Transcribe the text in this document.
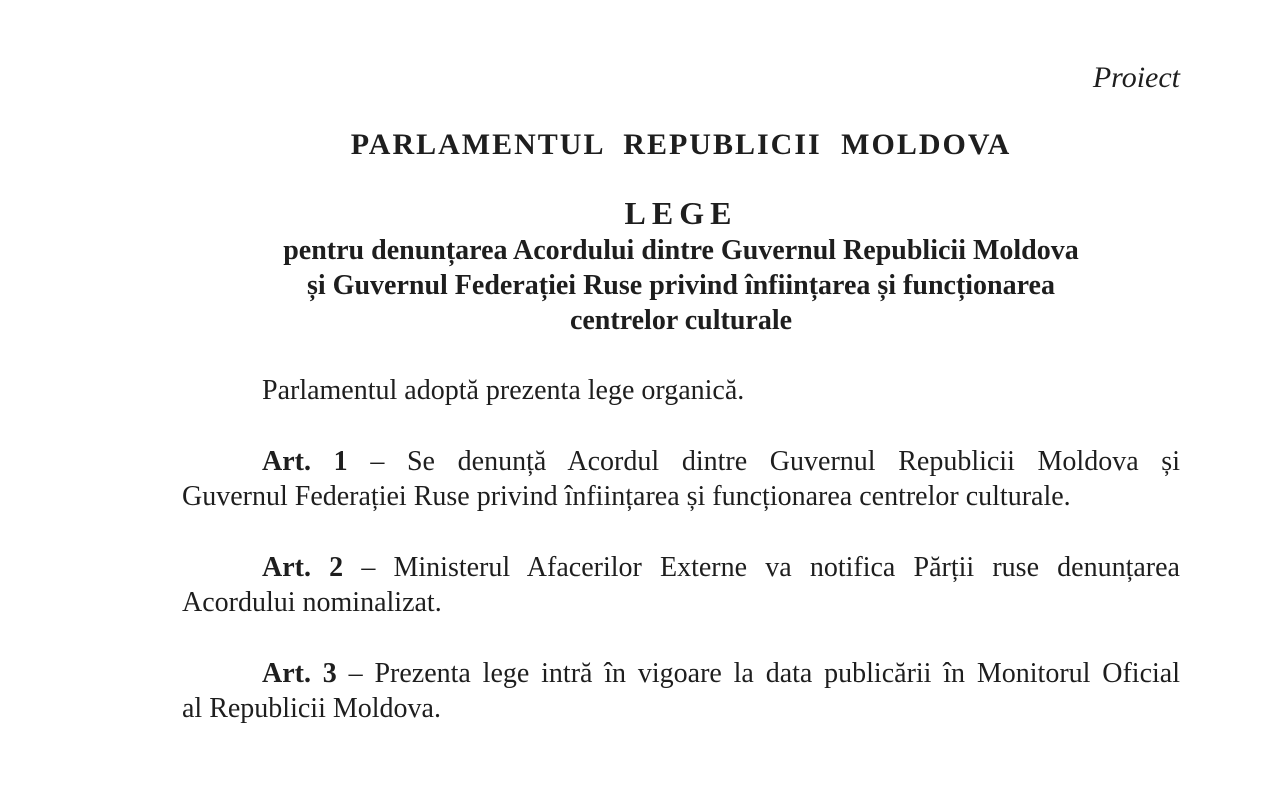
Proiect
PARLAMENTUL REPUBLICII MOLDOVA
LEGE
pentru denunțarea Acordului dintre Guvernul Republicii Moldova
și Guvernul Federației Ruse privind înființarea și funcționarea
centrelor culturale

Parlamentul adoptă prezenta lege organică.

Art. 1 – Se denunță Acordul dintre Guvernul Republicii Moldova și
Guvernul Federației Ruse privind înființarea și funcționarea centrelor culturale.
Art. 2 – Ministerul Afacerilor Externe va notifica Părții ruse denunțarea
Acordului nominalizat.
Art. 3 – Prezenta lege intră în vigoare la data publicării în Monitorul Oficial
al Republicii Moldova.
